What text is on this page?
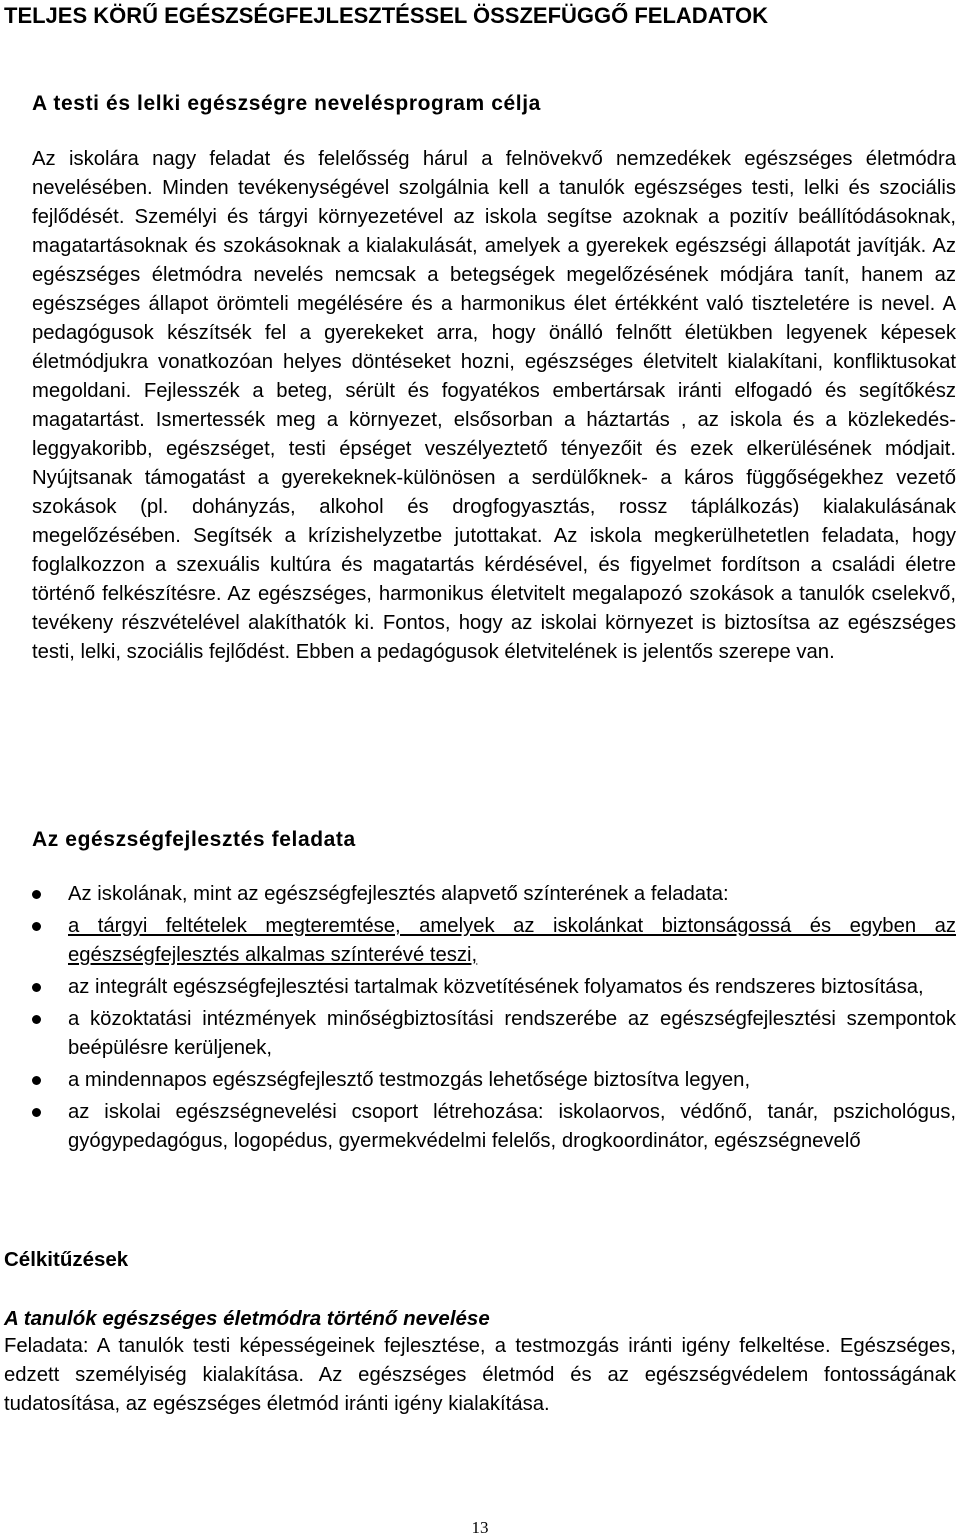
TELJES KÖRŰ EGÉSZSÉGFEJLESZTÉSSEL ÖSSZEFÜGGŐ FELADATOK
A testi és lelki egészségre nevelésprogram célja

Az iskolára nagy feladat és felelősség hárul a felnövekvő nemzedékek egészséges életmódra nevelésében. Minden tevékenységével szolgálnia kell a tanulók egészséges testi, lelki és szociális fejlődését. Személyi és tárgyi környezetével az iskola segítse azoknak a pozitív beállítódásoknak, magatartásoknak és szokásoknak a kialakulását, amelyek a gyerekek egészségi állapotát javítják. Az egészséges életmódra nevelés nemcsak a betegségek megelőzésének módjára tanít, hanem az egészséges állapot örömteli megélésére és a harmonikus élet értékként való tiszteletére is nevel. A pedagógusok készítsék fel a gyerekeket arra, hogy önálló felnőtt életükben legyenek képesek életmódjukra vonatkozóan helyes döntéseket hozni, egészséges életvitelt kialakítani, konfliktusokat megoldani. Fejlesszék a beteg, sérült és fogyatékos embertársak iránti elfogadó és segítőkész magatartást. Ismertessék meg a környezet, elsősorban a háztartás , az iskola és a közlekedés- leggyakoribb, egészséget, testi épséget veszélyeztető tényezőit és ezek elkerülésének módjait. Nyújtsanak támogatást a gyerekeknek-különösen a serdülőknek- a káros függőségekhez vezető szokások (pl. dohányzás, alkohol és drogfogyasztás, rossz táplálkozás) kialakulásának megelőzésében. Segítsék a krízishelyzetbe jutottakat. Az iskola megkerülhetetlen feladata, hogy foglalkozzon a szexuális kultúra és magatartás kérdésével, és figyelmet fordítson a családi életre történő felkészítésre. Az egészséges, harmonikus életvitelt megalapozó szokások a tanulók cselekvő, tevékeny részvételével alakíthatók ki. Fontos, hogy az iskolai környezet is biztosítsa az egészséges testi, lelki, szociális fejlődést. Ebben a pedagógusok életvitelének is jelentős szerepe van.

Az egészségfejlesztés feladata
Az iskolának, mint az egészségfejlesztés alapvető színterének a feladata:
a tárgyi feltételek megteremtése, amelyek az iskolánkat biztonságossá és egyben az egészségfejlesztés alkalmas színterévé teszi,
az integrált egészségfejlesztési tartalmak közvetítésének folyamatos és rendszeres biztosítása,
a közoktatási intézmények minőségbiztosítási rendszerébe az egészségfejlesztési szempontok beépülésre kerüljenek,
a mindennapos egészségfejlesztő testmozgás lehetősége biztosítva legyen,
az iskolai egészségnevelési csoport létrehozása: iskolaorvos, védőnő, tanár, pszichológus, gyógypedagógus, logopédus, gyermekvédelmi felelős, drogkoordinátor, egészségnevelő
Célkitűzések
A tanulók egészséges életmódra történő nevelése

Feladata: A tanulók testi képességeinek fejlesztése, a testmozgás iránti igény felkeltése. Egészséges, edzett személyiség kialakítása. Az egészséges életmód és az egészségvédelem fontosságának tudatosítása, az egészséges életmód iránti igény kialakítása.

13
